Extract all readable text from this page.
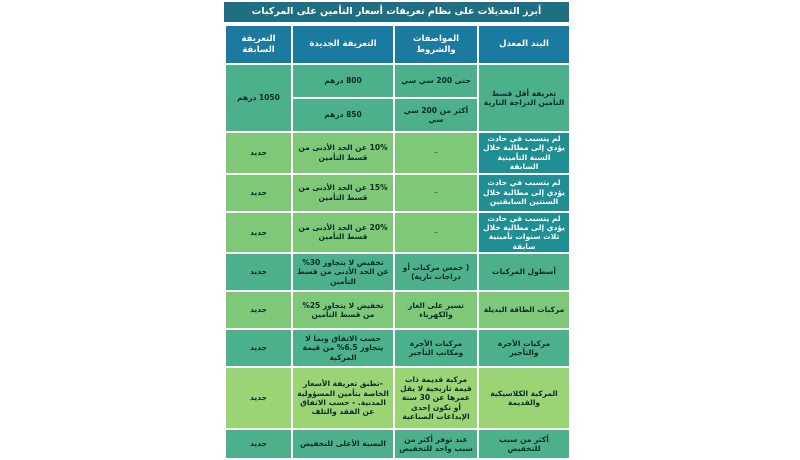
أبرز التعديلات على نظام تعريفات أسعار التأمين على المركبات
البند المعدل	المواصفات والشروط	التعريفة الجديدة	التعريفة السابقة
تعريفة أقل قسط التأمين الدراجة النارية	حتى 200 سي سي	800 درهم	1050 درهم
	أكثر من 200 سي سي	850 درهم	
لم يتسبب في حادث يؤدي إلى مطالبة خلال السنة التأمينية السابقة	–	10% عن الحد الأدنى من قسط التأمين	جديد
لم يتسبب في حادث يؤدي إلى مطالبة خلال السنتين السابقتين	–	15% عن الحد الأدنى من قسط التأمين	جديد
لم يتسبب في حادث يؤدي إلى مطالبة خلال ثلاث سنوات تأمينية سابقة	–	20% عن الحد الأدنى من قسط التأمين	جديد
أسطول المركبات	( خمس مركبات أو دراجات نارية)	تخفيض لا يتجاوز 30% عن الحد الأدنى من قسط التأمين	جديد
مركبات الطاقة البديلة	تسير على الغاز والكهرباء	تخفيض لا يتجاوز 25% من قسط التأمين	جديد
مركبات الأجرة والتأجير	مركبات الأجرة ومكاتب التأجير	حسب الاتفاق وبما لا يتجاوز 6.5% من قيمة المركبة	جديد
المركبة الكلاسيكية والقديمة	مركبة قديمة ذات قيمة تاريخية لا يقل عمرها عن 30 سنة أو تكون إحدى الإبداعات الصناعية	-تطبق تعريفة الأسعار الخاصة بتأمين المسؤولية المدنية. - حسب الاتفاق عن الفقد والتلف	جديد
أكثر من سبب للتخفيض	عند توفر أكثر من سبب واحد للتخفيض	النسبة الأعلى للتخفيض	جديد
